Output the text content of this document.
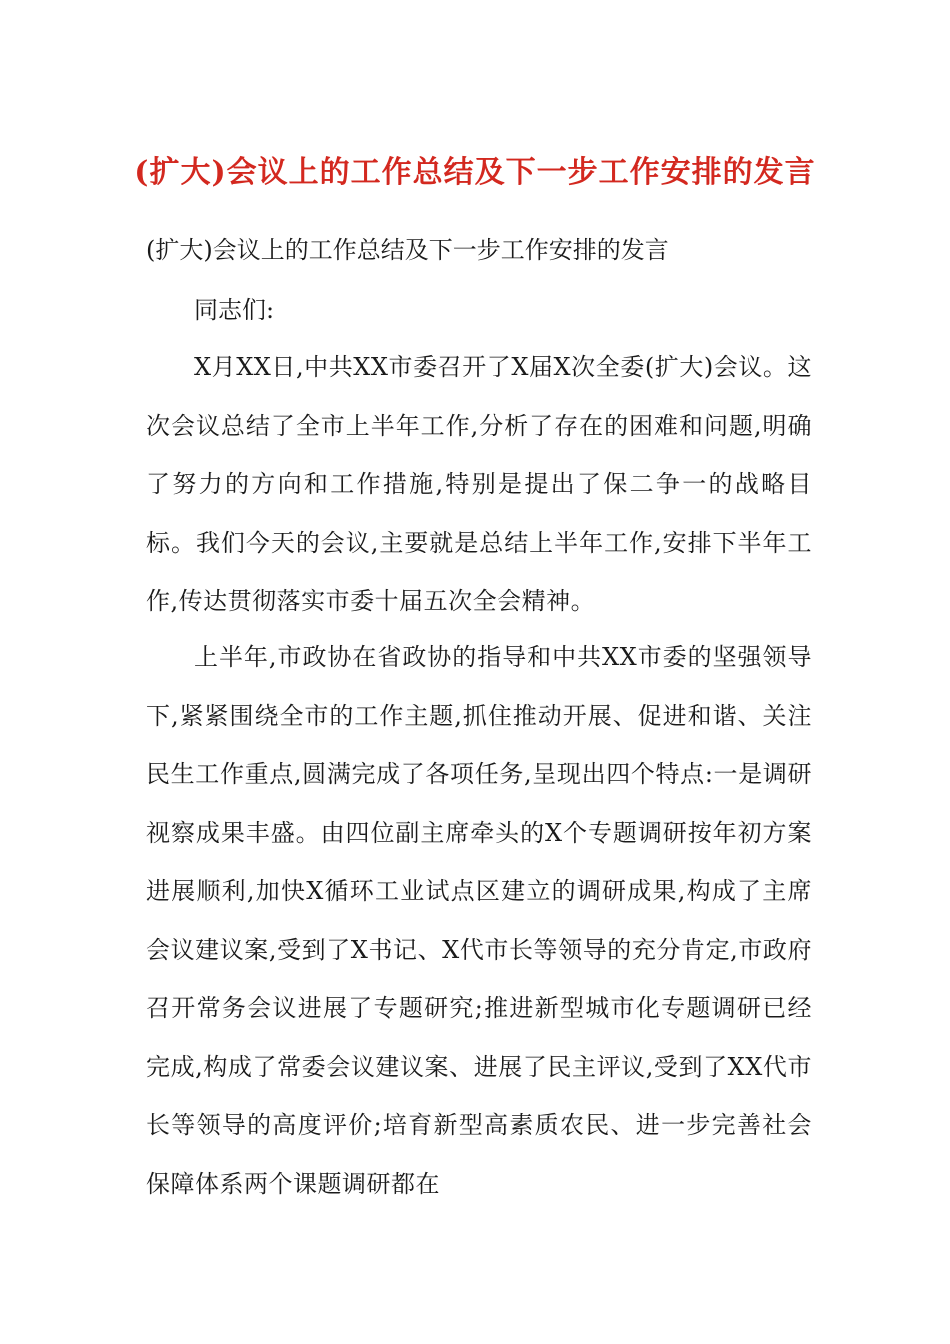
(扩大)会议上的工作总结及下一步工作安排的发言

(扩大)会议上的工作总结及下一步工作安排的发言

同志们:

X月XX日,中共XX市委召开了X届X次全委(扩大)会议。这次会议总结了全市上半年工作,分析了存在的困难和问题,明确了努力的方向和工作措施,特别是提出了保二争一的战略目标。我们今天的会议,主要就是总结上半年工作,安排下半年工作,传达贯彻落实市委十届五次全会精神。

上半年,市政协在省政协的指导和中共XX市委的坚强领导下,紧紧围绕全市的工作主题,抓住推动开展、促进和谐、关注民生工作重点,圆满完成了各项任务,呈现出四个特点:一是调研视察成果丰盛。由四位副主席牵头的X个专题调研按年初方案进展顺利,加快X循环工业试点区建立的调研成果,构成了主席会议建议案,受到了X书记、X代市长等领导的充分肯定,市政府召开常务会议进展了专题研究;推进新型城市化专题调研已经完成,构成了常委会议建议案、进展了民主评议,受到了XX代市长等领导的高度评价;培育新型高素质农民、进一步完善社会保障体系两个课题调研都在
